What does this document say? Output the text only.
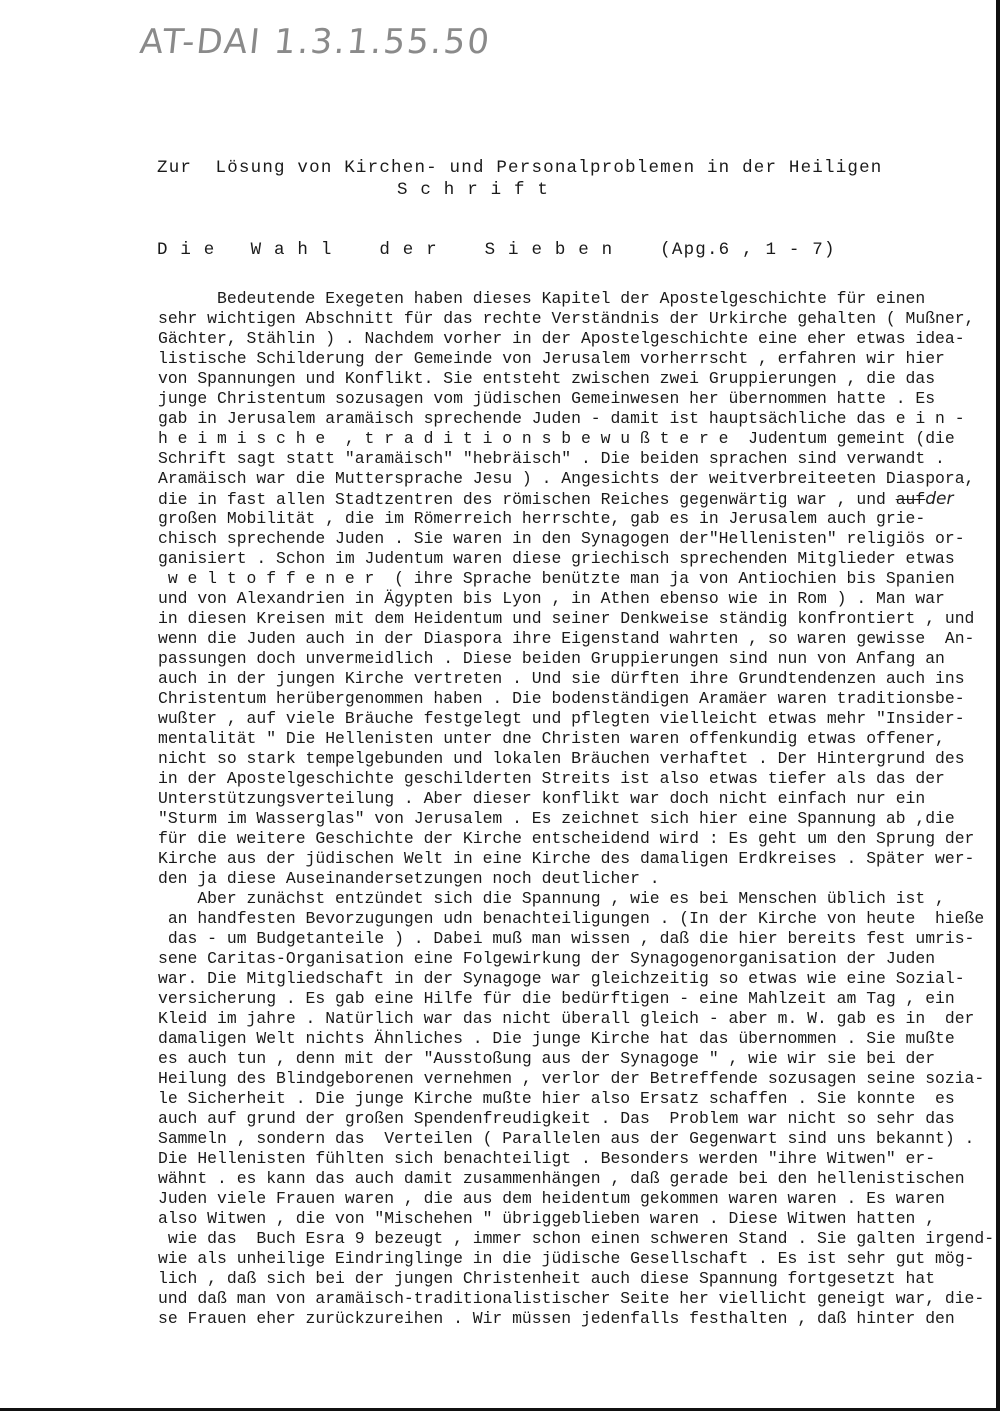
AT-DAI 1.3.1.55.50
Zur  Lösung von Kirchen- und Personalproblemen in der Heiligen
S c h r i f t
D i e   W a h l    d e r    S i e b e n    (Apg.6 , 1 - 7)
Bedeutende Exegeten haben dieses Kapitel der Apostelgeschichte für einen
sehr wichtigen Abschnitt für das rechte Verständnis der Urkirche gehalten ( Mußner,
Gächter, Stählin ) . Nachdem vorher in der Apostelgeschichte eine eher etwas idea-
listische Schilderung der Gemeinde von Jerusalem vorherrscht , erfahren wir hier
von Spannungen und Konflikt. Sie entsteht zwischen zwei Gruppierungen , die das
junge Christentum sozusagen vom jüdischen Gemeinwesen her übernommen hatte . Es
gab in Jerusalem aramäisch sprechende Juden - damit ist hauptsächliche das e i n -
h e i m i s c h e  , t r a d i t i o n s b e w u ß t e r e  Judentum gemeint (die
Schrift sagt statt "aramäisch" "hebräisch" . Die beiden sprachen sind verwandt .
Aramäisch war die Muttersprache Jesu ) . Angesichts der weitverbreiteeten Diaspora,
die in fast allen Stadtzentren des römischen Reiches gegenwärtig war , und aufder
großen Mobilität , die im Römerreich herrschte, gab es in Jerusalem auch grie-
chisch sprechende Juden . Sie waren in den Synagogen der"Hellenisten" religiös or-
ganisiert . Schon im Judentum waren diese griechisch sprechenden Mitglieder etwas
w e l t o f f e n e r  ( ihre Sprache benützte man ja von Antiochien bis Spanien
und von Alexandrien in Ägypten bis Lyon , in Athen ebenso wie in Rom ) . Man war
in diesen Kreisen mit dem Heidentum und seiner Denkweise ständig konfrontiert , und
wenn die Juden auch in der Diaspora ihre Eigenstand wahrten , so waren gewisse  An-
passungen doch unvermeidlich . Diese beiden Gruppierungen sind nun von Anfang an
auch in der jungen Kirche vertreten . Und sie dürften ihre Grundtendenzen auch ins
Christentum herübergenommen haben . Die bodenständigen Aramäer waren traditionsbe-
wußter , auf viele Bräuche festgelegt und pflegten vielleicht etwas mehr "Insider-
mentalität " Die Hellenisten unter dne Christen waren offenkundig etwas offener,
nicht so stark tempelgebunden und lokalen Bräuchen verhaftet . Der Hintergrund des
in der Apostelgeschichte geschilderten Streits ist also etwas tiefer als das der
Unterstützungsverteilung . Aber dieser konflikt war doch nicht einfach nur ein
"Sturm im Wasserglas" von Jerusalem . Es zeichnet sich hier eine Spannung ab ,die
für die weitere Geschichte der Kirche entscheidend wird : Es geht um den Sprung der
Kirche aus der jüdischen Welt in eine Kirche des damaligen Erdkreises . Später wer-
den ja diese Auseinandersetzungen noch deutlicher .
Aber zunächst entzündet sich die Spannung , wie es bei Menschen üblich ist ,
an handfesten Bevorzugungen udn benachteiligungen . (In der Kirche von heute  hieße
das - um Budgetanteile ) . Dabei muß man wissen , daß die hier bereits fest umris-
sene Caritas-Organisation eine Folgewirkung der Synagogenorganisation der Juden
war. Die Mitgliedschaft in der Synagoge war gleichzeitig so etwas wie eine Sozial-
versicherung . Es gab eine Hilfe für die bedürftigen - eine Mahlzeit am Tag , ein
Kleid im jahre . Natürlich war das nicht überall gleich - aber m. W. gab es in  der
damaligen Welt nichts Ähnliches . Die junge Kirche hat das übernommen . Sie mußte
es auch tun , denn mit der "Ausstoßung aus der Synagoge " , wie wir sie bei der
Heilung des Blindgeborenen vernehmen , verlor der Betreffende sozusagen seine sozia-
le Sicherheit . Die junge Kirche mußte hier also Ersatz schaffen . Sie konnte  es
auch auf grund der großen Spendenfreudigkeit . Das  Problem war nicht so sehr das
Sammeln , sondern das  Verteilen ( Parallelen aus der Gegenwart sind uns bekannt) .
Die Hellenisten fühlten sich benachteiligt . Besonders werden "ihre Witwen" er-
wähnt . es kann das auch damit zusammenhängen , daß gerade bei den hellenistischen
Juden viele Frauen waren , die aus dem heidentum gekommen waren waren . Es waren
also Witwen , die von "Mischehen " übriggeblieben waren . Diese Witwen hatten ,
wie das  Buch Esra 9 bezeugt , immer schon einen schweren Stand . Sie galten irgend-
wie als unheilige Eindringlinge in die jüdische Gesellschaft . Es ist sehr gut mög-
lich , daß sich bei der jungen Christenheit auch diese Spannung fortgesetzt hat
und daß man von aramäisch-traditionalistischer Seite her viellicht geneigt war, die-
se Frauen eher zurückzureihen . Wir müssen jedenfalls festhalten , daß hinter den
